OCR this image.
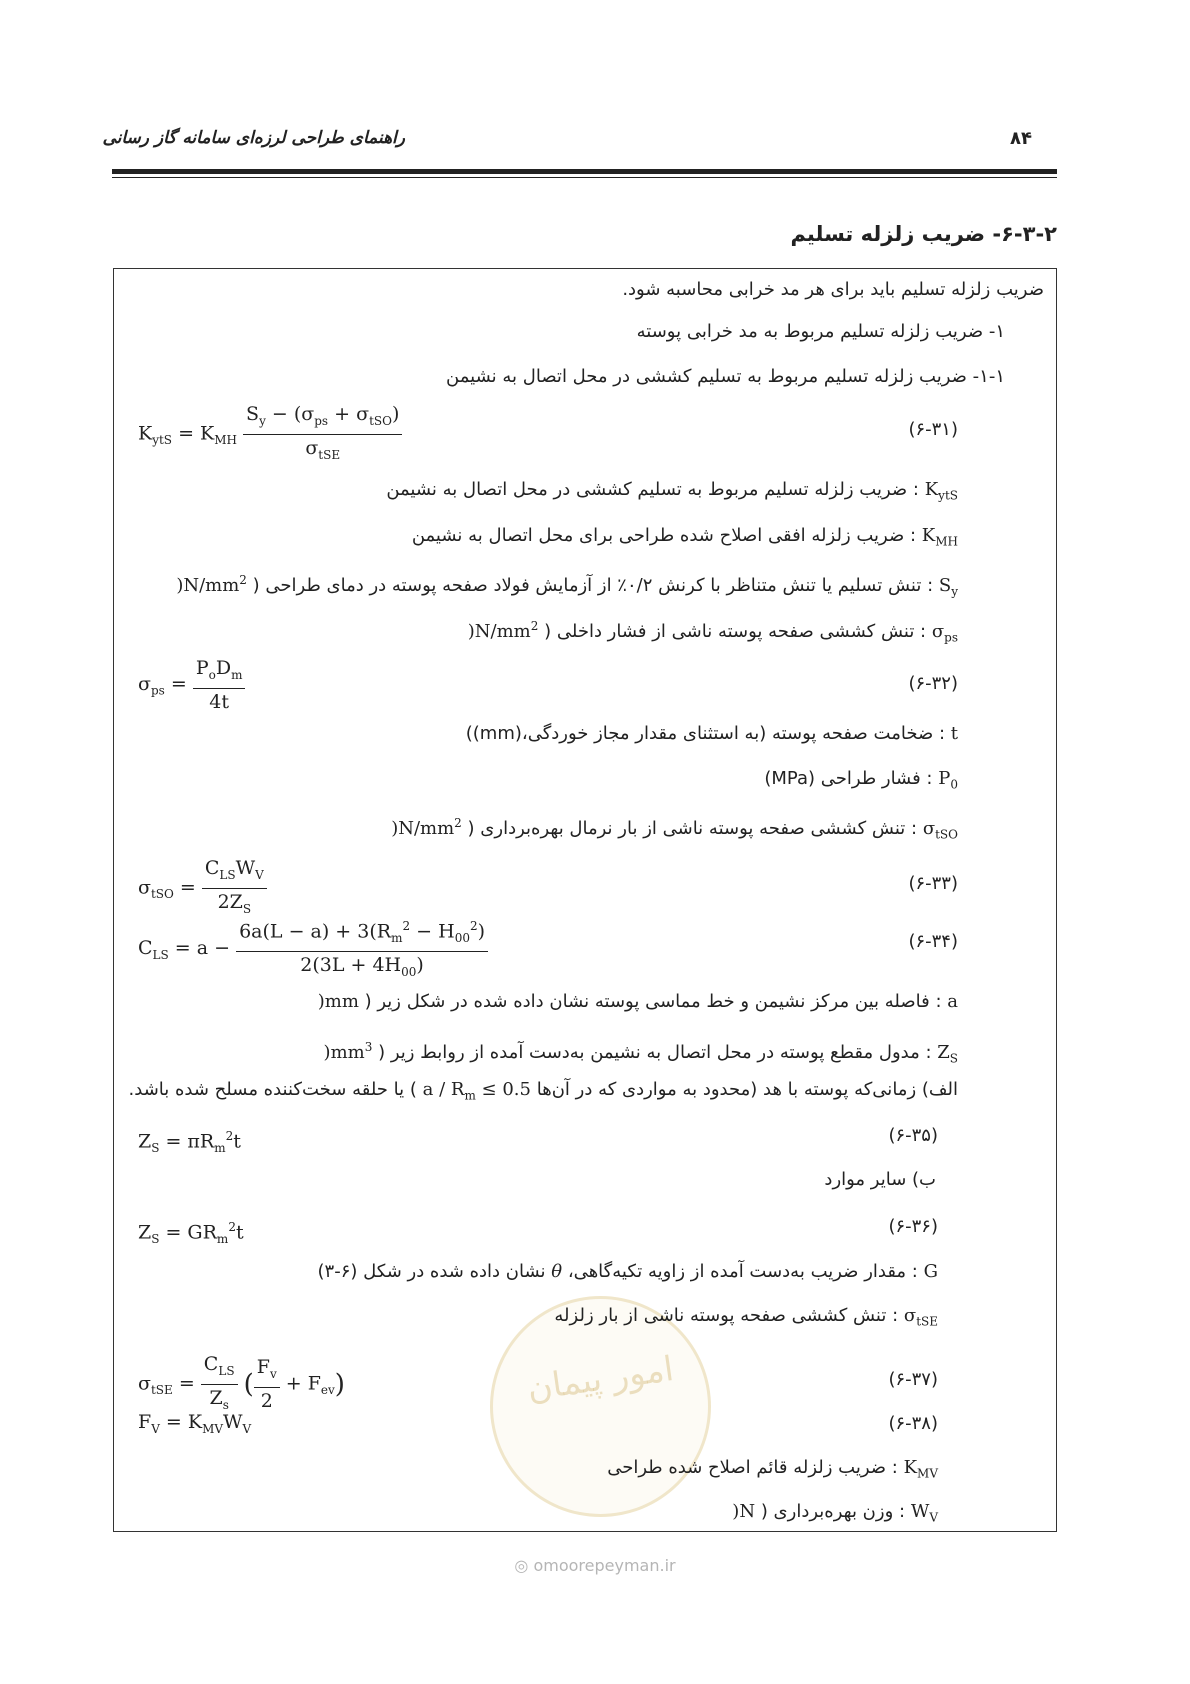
راهنمای طراحی لرزه‌ای سامانه گاز رسانی	۸۴
۶-۳-۲- ضریب زلزله تسلیم
امور پیمان
ضریب زلزله تسلیم باید برای هر مد خرابی محاسبه شود.
۱- ضریب زلزله تسلیم مربوط به مد خرابی پوسته
۱-۱- ضریب زلزله تسلیم مربوط به تسلیم کششی در محل اتصال به نشیمن
$K_{ytS} = K_{MH} \frac{S_y - (\sigma_{ps} + \sigma_{tSO})}{\sigma_{tSE}}$	(۶-۳۱)
: ضریب زلزله تسلیم مربوط به تسلیم کششی در محل اتصال به نشیمن $K_{ytS}$
: ضریب زلزله افقی اصلاح شده طراحی برای محل اتصال به نشیمن $K_{MH}$
)$N/mm^2$ : تنش تسلیم یا تنش متناظر با کرنش ۰/۲٪ از آزمایش فولاد صفحه پوسته در دمای طراحی ( $S_y$
)$N/mm^2$ : تنش کششی صفحه پوسته ناشی از فشار داخلی ( $\sigma_{ps}$
$\sigma_{ps} = \frac{P_oD_m}{4t}$	(۶-۳۲)
: ضخامت صفحه پوسته (به استثنای مقدار مجاز خوردگی،(mm)) t
: فشار طراحی (MPa) $P_0$
)$N/mm^2$ : تنش کششی صفحه پوسته ناشی از بار نرمال بهره‌برداری ( $\sigma_{tSO}$
$\sigma_{tSO} = \frac{C_{LS}W_V}{2Z_S}$	(۶-۳۳)
$C_{LS} = a - \frac{6a(L - a) + 3(R_m^2 - H_{00}^2)}{2(3L + 4H_{00})}$	(۶-۳۴)
)mm : فاصله بین مرکز نشیمن و خط مماسی پوسته نشان داده شده در شکل زیر ( a
)$mm^3$ : مدول مقطع پوسته در محل اتصال به نشیمن به‌دست آمده از روابط زیر ( $Z_S$
) یا حلقه سخت‌کننده مسلح شده باشد. $a / R_m \le 0.5$ الف) زمانی‌که پوسته با هد (محدود به مواردی که در آن‌ها
$Z_S = \pi R_m^2t$	(۶-۳۵)
ب) سایر موارد
$Z_S = GR_m^2t$	(۶-۳۶)
نشان داده شده در شکل (۶-۳) θ : مقدار ضریب به‌دست آمده از زاویه تکیه‌گاهی، G
: تنش کششی صفحه پوسته ناشی از بار زلزله $\sigma_{tSE}$
$\sigma_{tSE} = \frac{C_{LS}}{Z_s}$ ( $\frac{F_v}{2} + F_{ev}$)	(۶-۳۷)
$F_V = K_{MV}W_V$	(۶-۳۸)
: ضریب زلزله قائم اصلاح شده طراحی $K_{MV}$
)N : وزن بهره‌برداری ( $W_V$
◎ omoorepeyman.ir
